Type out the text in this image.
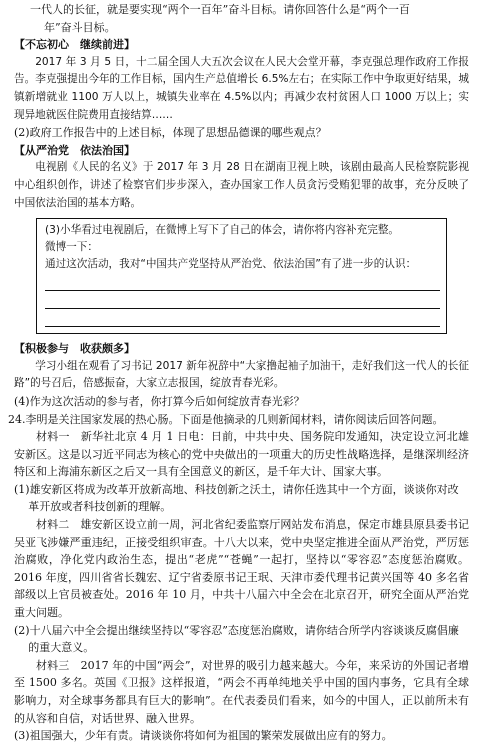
一代人的长征，就是要实现“两个一百年”奋斗目标。请你回答什么是“两个一百

年”奋斗目标。

【不忘初心　继续前进】

2017 年 3 月 5 日，十二届全国人大五次会议在人民大会堂开幕，李克强总理作政府工作报告。李克强提出今年的工作目标，国内生产总值增长 6.5%左右；在实际工作中争取更好结果，城镇新增就业 1100 万人以上，城镇失业率在 4.5%以内；再减少农村贫困人口 1000 万以上；实现异地就医住院费用直接结算……

(2)政府工作报告中的上述目标，体现了思想品德课的哪些观点？

【从严治党　依法治国】

电视剧《人民的名义》于 2017 年 3 月 28 日在湖南卫视上映，该剧由最高人民检察院影视中心组织创作，讲述了检察官们步步深入，查办国家工作人员贪污受贿犯罪的故事，充分反映了中国依法治国的基本方略。

(3)小华看过电视剧后，在微博上写下了自己的体会，请你将内容补充完整。
微博一下：
通过这次活动，我对“中国共产党坚持从严治党、依法治国”有了进一步的认识：

【积极参与　收获颇多】

学习小组在观看了习书记 2017 新年祝辞中“大家撸起袖子加油干，走好我们这一代人的长征路”的号召后，倍感振奋，大家立志报国，绽放青春光彩。

(4)作为这次活动的参与者，你打算今后如何绽放青春光彩？

24.李明是关注国家发展的热心肠。下面是他摘录的几则新闻材料，请你阅读后回答问题。

材料一　新华社北京 4 月 1 日电：日前，中共中央、国务院印发通知，决定设立河北雄安新区。这是以习近平同志为核心的党中央做出的一项重大的历史性战略选择，是继深圳经济特区和上海浦东新区之后又一具有全国意义的新区，是千年大计、国家大事。

(1)雄安新区将成为改革开放新高地、科技创新之沃土，请你任选其中一个方面，谈谈你对改革开放或者科技创新的理解。

材料二　雄安新区设立前一周，河北省纪委监察厅网站发布消息，保定市雄县原县委书记吴亚飞涉嫌严重违纪，正接受组织审查。十八大以来，党中央坚定推进全面从严治党，严厉惩治腐败，净化党内政治生态，提出“老虎”“苍蝇”一起打，坚持以“零容忍”态度惩治腐败。2016 年度，四川省省长魏宏、辽宁省委原书记王珉、天津市委代理书记黄兴国等 40 多名省部级以上官员被查处。2016 年 10 月，中共十八届六中全会在北京召开，研究全面从严治党重大问题。

(2)十八届六中全会提出继续坚持以“零容忍”态度惩治腐败，请你结合所学内容谈谈反腐倡廉的重大意义。

材料三　2017 年的中国“两会”，对世界的吸引力越来越大。今年，来采访的外国记者增至 1500 多名。英国《卫报》这样报道，“两会不再单纯地关乎中国的国内事务，它具有全球影响力，对全球事务都具有巨大的影响”。在代表委员们看来，如今的中国人，正以前所未有的从容和自信，对话世界、融入世界。

(3)祖国强大，少年有责。请谈谈你将如何为祖国的繁荣发展做出应有的努力。
